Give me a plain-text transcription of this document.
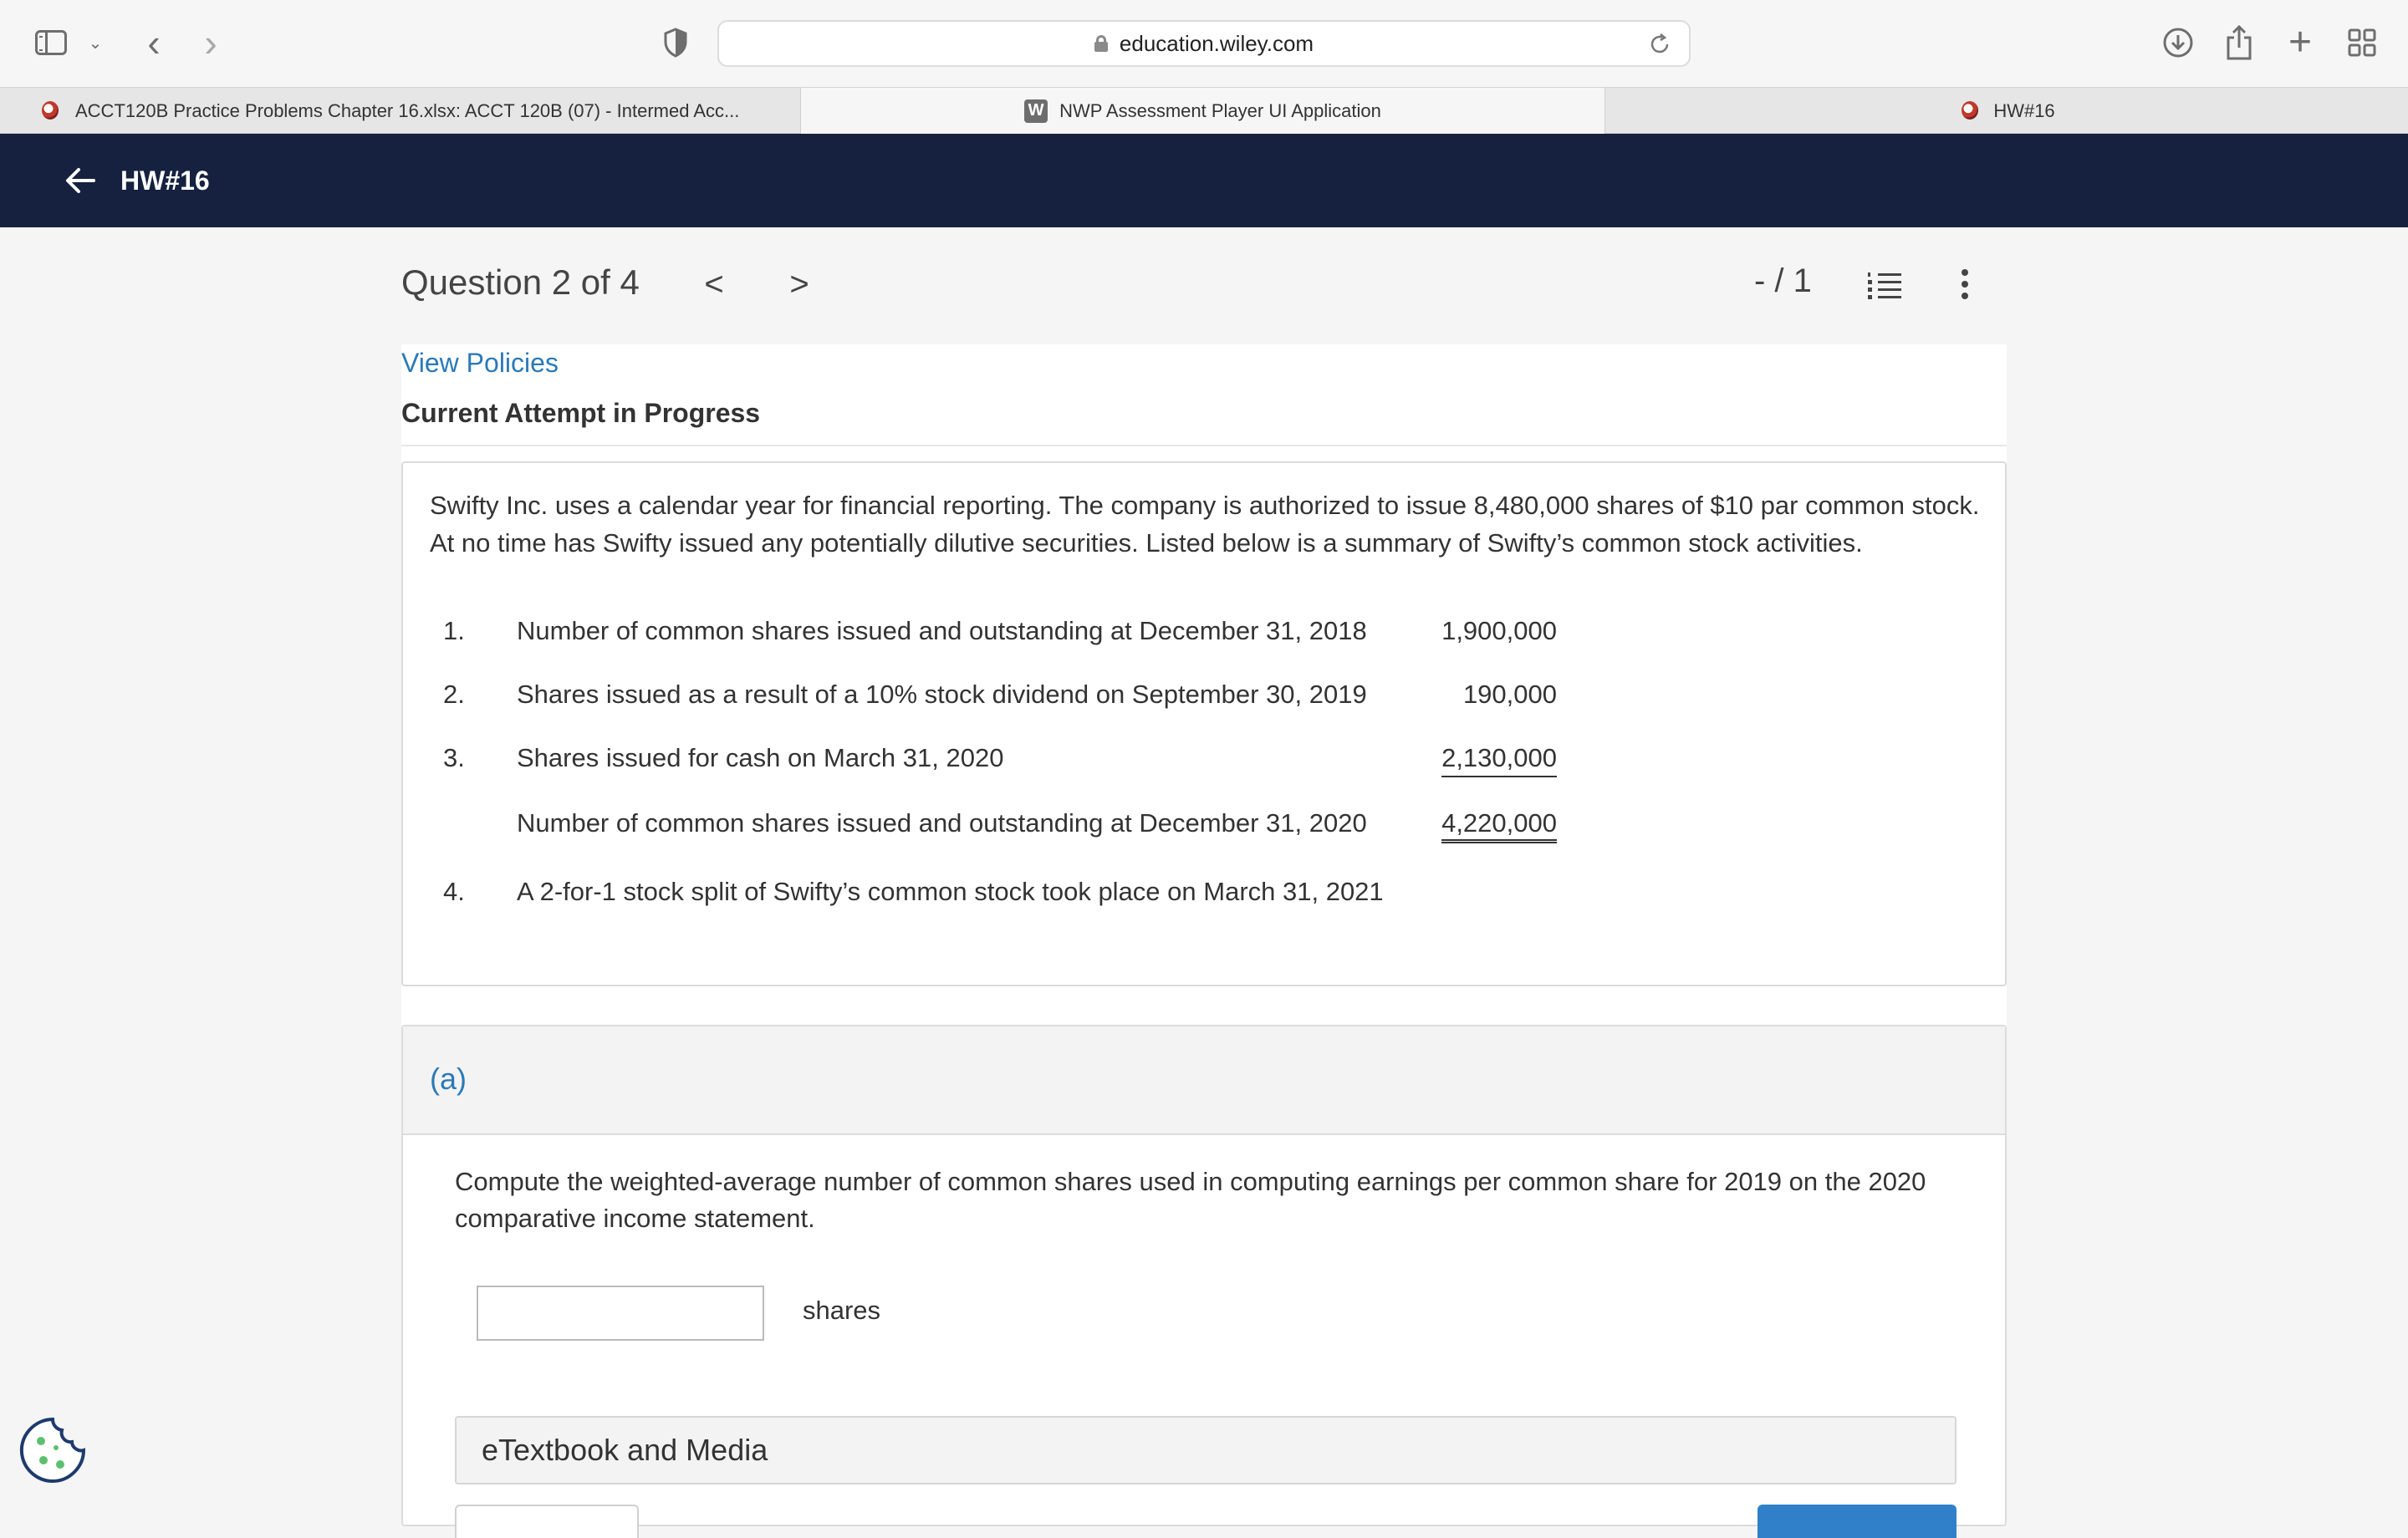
⌄ ‹ ›	education.wiley.com	+
ACCT120B Practice Problems Chapter 16.xlsx: ACCT 120B (07) - Intermed Acc...	W NWP Assessment Player UI Application	HW#16
HW#16
Question 2 of 4 < >	- / 1
View Policies
Current Attempt in Progress
Swifty Inc. uses a calendar year for financial reporting. The company is authorized to issue 8,480,000 shares of $10 par common stock. At no time has Swifty issued any potentially dilutive securities. Listed below is a summary of Swifty’s common stock activities.
1.	Number of common shares issued and outstanding at December 31, 2018	1,900,000
2.	Shares issued as a result of a 10% stock dividend on September 30, 2019	190,000
3.	Shares issued for cash on March 31, 2020	2,130,000
Number of common shares issued and outstanding at December 31, 2020	4,220,000
4.	A 2-for-1 stock split of Swifty’s common stock took place on March 31, 2021
(a)
Compute the weighted-average number of common shares used in computing earnings per common share for 2019 on the 2020 comparative income statement.
shares
eTextbook and Media
